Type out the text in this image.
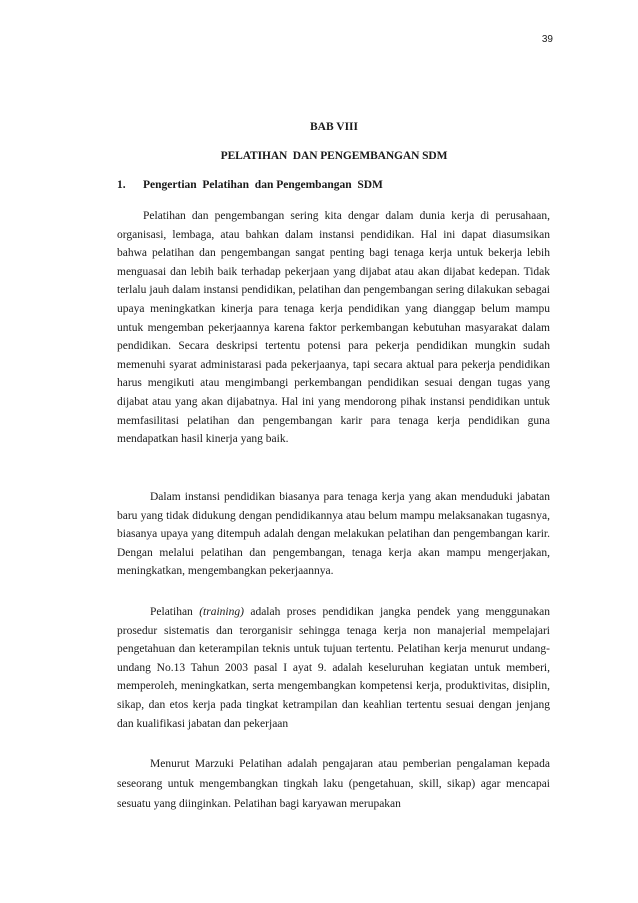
39
BAB VIII
PELATIHAN  DAN PENGEMBANGAN SDM
1. Pengertian  Pelatihan  dan Pengembangan  SDM

Pelatihan dan pengembangan sering kita dengar dalam dunia kerja di perusahaan, organisasi, lembaga, atau bahkan dalam instansi pendidikan. Hal ini dapat diasumsikan bahwa pelatihan dan pengembangan sangat penting bagi tenaga kerja untuk bekerja lebih menguasai dan lebih baik terhadap pekerjaan yang dijabat atau akan dijabat kedepan. Tidak terlalu jauh dalam instansi pendidikan, pelatihan dan pengembangan sering dilakukan sebagai upaya meningkatkan kinerja para tenaga kerja pendidikan yang dianggap belum mampu untuk mengemban pekerjaannya karena faktor perkembangan kebutuhan masyarakat dalam pendidikan. Secara deskripsi tertentu potensi para pekerja pendidikan mungkin sudah memenuhi syarat administarasi pada pekerjaanya, tapi secara aktual para pekerja pendidikan harus mengikuti atau mengimbangi perkembangan pendidikan sesuai dengan tugas yang dijabat atau yang akan dijabatnya. Hal ini yang mendorong pihak instansi pendidikan untuk memfasilitasi pelatihan dan pengembangan karir para tenaga kerja pendidikan guna mendapatkan hasil kinerja yang baik.

Dalam instansi pendidikan biasanya para tenaga kerja yang akan menduduki jabatan baru yang tidak didukung dengan pendidikannya atau belum mampu melaksanakan tugasnya, biasanya upaya yang ditempuh adalah dengan melakukan pelatihan dan pengembangan karir. Dengan melalui pelatihan dan pengembangan, tenaga kerja akan mampu mengerjakan, meningkatkan, mengembangkan pekerjaannya.

Pelatihan (training) adalah proses pendidikan jangka pendek yang menggunakan prosedur sistematis dan terorganisir sehingga tenaga kerja non manajerial mempelajari pengetahuan dan keterampilan teknis untuk tujuan tertentu. Pelatihan kerja menurut undang-undang No.13 Tahun 2003 pasal I ayat 9. adalah keseluruhan kegiatan untuk memberi, memperoleh, meningkatkan, serta mengembangkan kompetensi kerja, produktivitas, disiplin, sikap, dan etos kerja pada tingkat ketrampilan dan keahlian tertentu sesuai dengan jenjang dan kualifikasi jabatan dan pekerjaan

Menurut Marzuki Pelatihan adalah pengajaran atau pemberian pengalaman kepada seseorang untuk mengembangkan tingkah laku (pengetahuan, skill, sikap) agar mencapai sesuatu yang diinginkan. Pelatihan bagi karyawan merupakan
